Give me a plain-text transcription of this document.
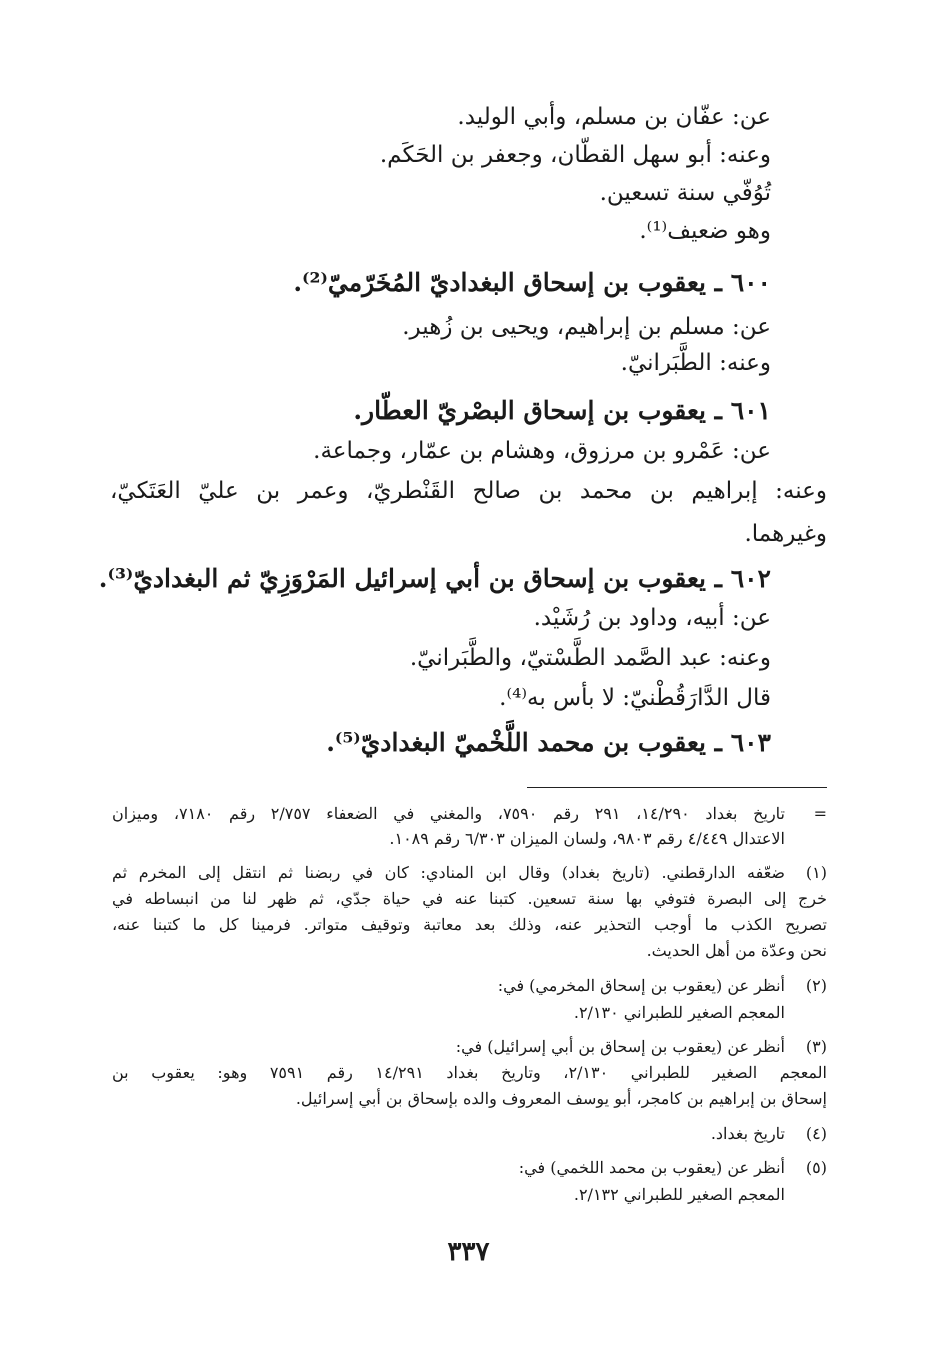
عن: عفّان بن مسلم، وأبي الوليد.
وعنه: أبو سهل القطّان، وجعفر بن الحَكَم.
تُوُفّي سنة تسعين.
وهو ضعيف⁽¹⁾.
٦٠٠ ـ يعقوب بن إسحاق البغداديّ المُخَرّميّ⁽²⁾.
عن: مسلم بن إبراهيم، ويحيى بن زُهير.
وعنه: الطَّبَرانيّ.
٦٠١ ـ يعقوب بن إسحاق البصْريّ العطّار.
عن: عَمْرو بن مرزوق، وهشام بن عمّار، وجماعة.
وعنه: إبراهيم بن محمد بن صالح القَنْطريّ، وعمر بن عليّ العَتَكيّ،
وغيرهما.
٦٠٢ ـ يعقوب بن إسحاق بن أبي إسرائيل المَرْوَزِيّ ثم البغداديّ⁽³⁾.
عن: أبيه، وداود بن رُشَيْد.
وعنه: عبد الصَّمد الطَّسْتيّ، والطَّبَرانيّ.
قال الدَّارَقُطْنيّ: لا بأس به⁽⁴⁾.
٦٠٣ ـ يعقوب بن محمد اللَّخْميّ البغداديّ⁽⁵⁾.
=
تاريخ بغداد ١٤/٢٩٠، ٢٩١ رقم ٧٥٩٠، والمغني في الضعفاء ٢/٧٥٧ رقم ٧١٨٠، وميزان
الاعتدال ٤/٤٤٩ رقم ٩٨٠٣، ولسان الميزان ٦/٣٠٣ رقم ١٠٨٩.
(١)
ضعّفه الدارقطني. (تاريخ بغداد) وقال ابن المنادي: كان في ربضنا ثم انتقل إلى المخرم ثم
خرج إلى البصرة فتوفي بها سنة تسعين. كتبنا عنه في حياة جدّي، ثم ظهر لنا من انبساطه في
تصريح الكذب ما أوجب التحذير عنه، وذلك بعد معاتبة وتوقيف متواتر. فرمينا كل ما كتبنا عنه،
نحن وعدّة من أهل الحديث.
(٢)
أنظر عن (يعقوب بن إسحاق المخرمي) في:
المعجم الصغير للطبراني ٢/١٣٠.
(٣)
أنظر عن (يعقوب بن إسحاق بن أبي إسرائيل) في:
المعجم الصغير للطبراني ٢/١٣٠، وتاريخ بغداد ١٤/٢٩١ رقم ٧٥٩١ وهو: يعقوب بن
إسحاق بن إبراهيم بن كامجر، أبو يوسف المعروف والده بإسحاق بن أبي إسرائيل.
(٤)
تاريخ بغداد.
(٥)
أنظر عن (يعقوب بن محمد اللخمي) في:
المعجم الصغير للطبراني ٢/١٣٢.
٣٣٧
